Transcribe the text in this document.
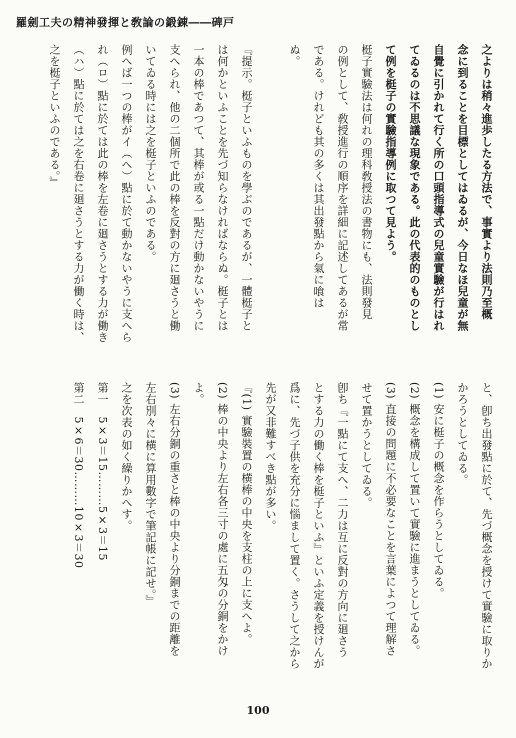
羅劍工夫の精神發揮と敎論の鍛錬――碑戸
之よりは稍々進歩したる方法で、事實より法則乃至概
念に到ることを目標としてはゐるが、今日なほ兒童が無
自覺に引かれて行く所の口頭指導式の兒童實驗が行はれ
てゐるのは不思議な現象である。此の代表的のものとし
て例を梃子の實驗指導例に取つて見よう。
梃子實驗法は何れの理科敎授法の書物にも、法則發見
の例として、敎授進行の順序を詳細に記述してあるが常
である。けれども其の多くは其出發點から氣に喰は
ぬ。
『提示。梃子といふものを學ぶのであるが、一體梃子と
は何かといふことを先づ知らなければならぬ。梃子とは
一本の棒であつて、其棒が或る一點だけ動かないやうに
支へられ、他の二個所で此の棒を反對の方に廻さうと働
いてゐる時には之を梃子といふのである。
例へば一つの棒がイ（ヘ）點に於て動かないやうに支へら
れ（ロ）點に於ては此の棒を左卷に廻さうとする力が働き
（ハ）點に於ては之を右卷に廻さうとする力が働く時は、
之を梃子といふのである。』
と、卽ち出發點に於て、先づ概念を授けて實驗に取りか
かろうとしてゐる。
(1) 安に梃子の概念を作らうとしてゐる。
(2) 概念を構成して置いて實驗に進まうとしてゐる。
(3) 直接の問題に不必要なことを言葉によつて理解さ
せて置かうとしてゐる。
卽ち『一點にて支へ、二力は互に反對の方向に廻さう
とする力の働く棒を梃子といふ』といふ定義を授けんが
爲に、先づ子供を充分に惱まして置く。さうして之から
先が又非難すべき點が多い。
『(1) 實驗裝置の横棒の中央を支柱の上に支へよ。
(2) 棒の中央より左右各三寸の處に五匁の分銅をかけ
よ。
(3) 左右分銅の重さと棒の中央より分銅までの距離を
左右別々に横に算用數字で筆記帳に記せ。』
之を次表の如く繰りかへす。
第一　5×3＝15………5×3＝15
第二　5×6＝30………10×3＝30
100
